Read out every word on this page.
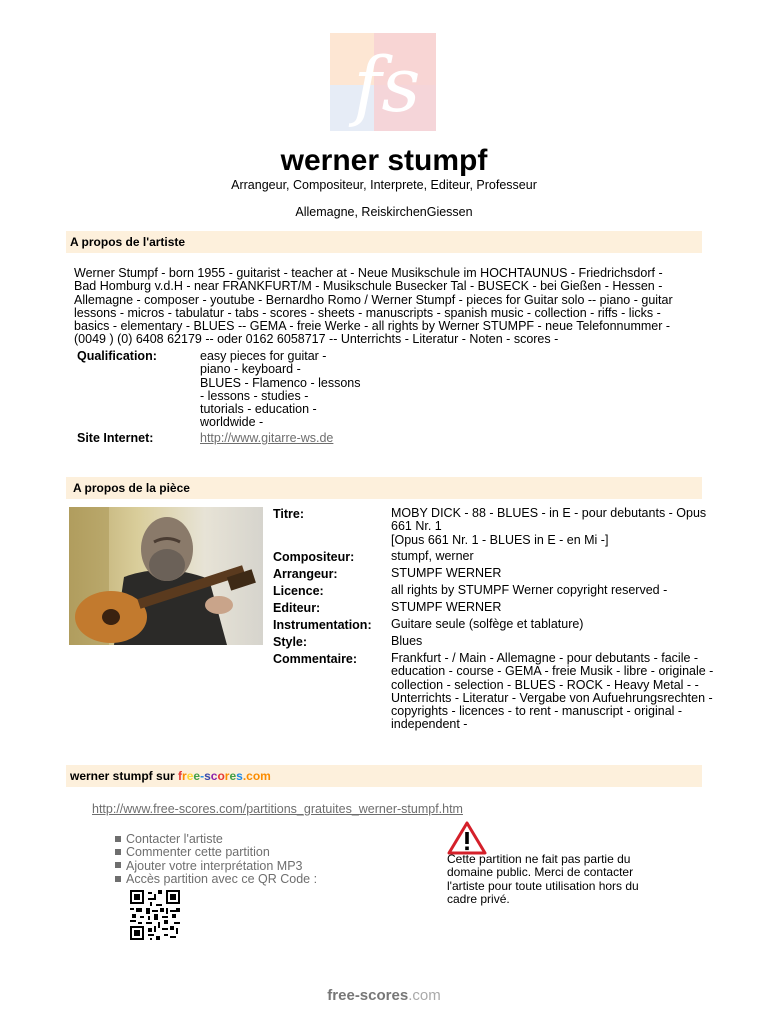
fs
werner stumpf
Arrangeur, Compositeur, Interprete, Editeur, Professeur
Allemagne, ReiskirchenGiessen
A propos de l'artiste
Werner Stumpf - born 1955 - guitarist - teacher at - Neue Musikschule im HOCHTAUNUS - Friedrichsdorf -
Bad Homburg v.d.H - near FRANKFURT/M - Musikschule Busecker Tal - BUSECK - bei Gießen - Hessen -
Allemagne - composer - youtube - Bernardho Romo / Werner Stumpf - pieces for Guitar solo -- piano - guitar
lessons - micros - tabulatur - tabs - scores - sheets - manuscripts - spanish music - collection - riffs - licks -
basics - elementary - BLUES -- GEMA - freie Werke - all rights by Werner STUMPF - neue Telefonnummer -
(0049 ) (0) 6408 62179 -- oder 0162 6058717 -- Unterrichts - Literatur - Noten - scores -
Qualification:	easy pieces for guitar -
piano - keyboard -
BLUES - Flamenco - lessons
- lessons - studies -
tutorials - education -
worldwide -
Site Internet:	http://www.gitarre-ws.de
A propos de la pièce
Titre:	MOBY DICK - 88 - BLUES - in E - pour debutants - Opus
661 Nr. 1
[Opus 661 Nr. 1 - BLUES in E - en Mi -]
Compositeur:	stumpf, werner
Arrangeur:	STUMPF WERNER
Licence:	all rights by STUMPF Werner copyright reserved -
Editeur:	STUMPF WERNER
Instrumentation: Guitare seule (solfège et tablature)
Style:	Blues
Commentaire:	Frankfurt - / Main - Allemagne - pour debutants - facile -
education - course - GEMA - freie Musik - libre - originale -
collection - selection - BLUES - ROCK - Heavy Metal - -
Unterrichts - Literatur - Vergabe von Aufuehrungsrechten -
copyrights - licences - to rent - manuscript - original -
independent -
werner stumpf sur free-scores.com
http://www.free-scores.com/partitions_gratuites_werner-stumpf.htm
Contacter l'artiste
Commenter cette partition
Ajouter votre interprétation MP3
Accès partition avec ce QR Code :
Cette partition ne fait pas partie du
domaine public. Merci de contacter
l'artiste pour toute utilisation hors du
cadre privé.
free-scores.com
